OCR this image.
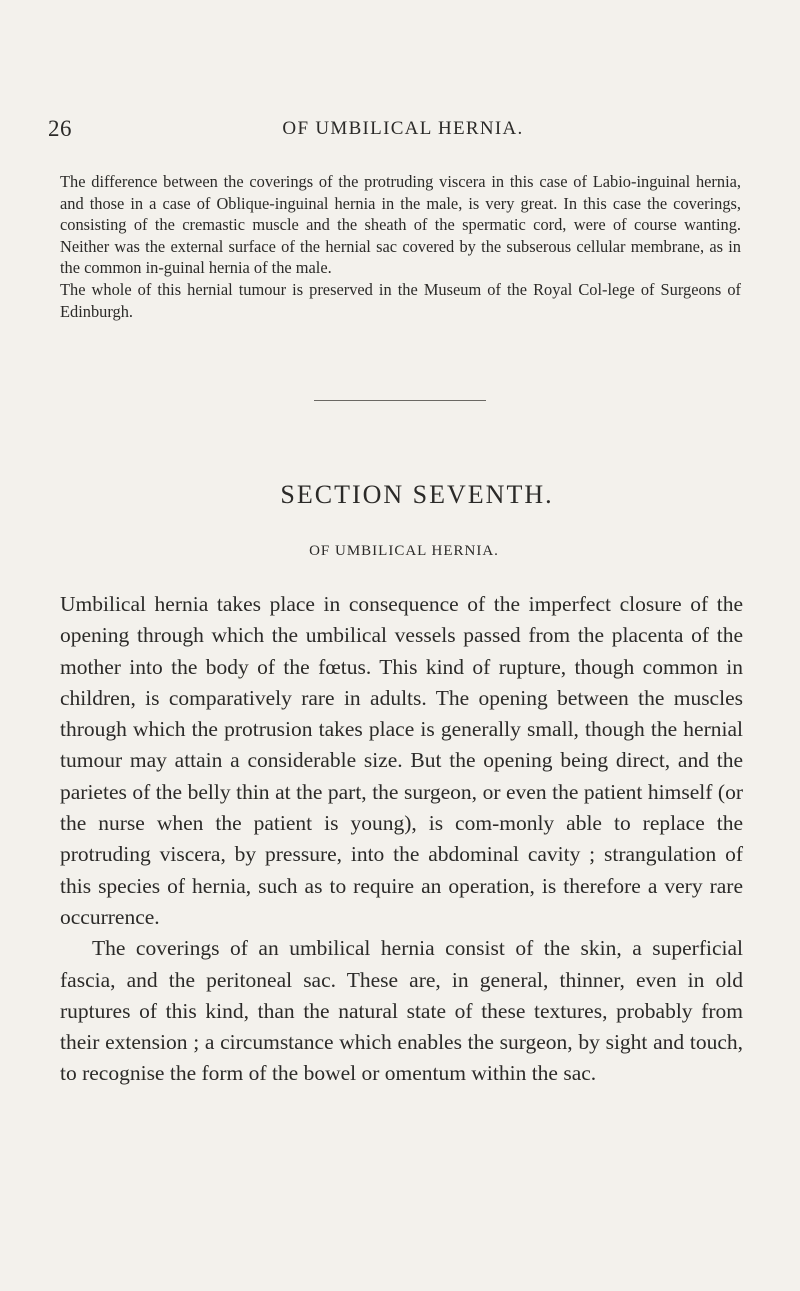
26	OF UMBILICAL HERNIA.

The difference between the coverings of the protruding viscera in this case of Labio-inguinal hernia, and those in a case of Oblique-inguinal hernia in the male, is very great. In this case the coverings, consisting of the cremastic muscle and the sheath of the spermatic cord, were of course wanting. Neither was the external surface of the hernial sac covered by the subserous cellular membrane, as in the common in-guinal hernia of the male.

The whole of this hernial tumour is preserved in the Museum of the Royal Col-lege of Surgeons of Edinburgh.

SECTION SEVENTH.
OF UMBILICAL HERNIA.

Umbilical hernia takes place in consequence of the imperfect closure of the opening through which the umbilical vessels passed from the placenta of the mother into the body of the fœtus. This kind of rupture, though common in children, is comparatively rare in adults. The opening between the muscles through which the protrusion takes place is generally small, though the hernial tumour may attain a considerable size. But the opening being direct, and the parietes of the belly thin at the part, the surgeon, or even the patient himself (or the nurse when the patient is young), is com-monly able to replace the protruding viscera, by pressure, into the abdominal cavity ; strangulation of this species of hernia, such as to require an operation, is therefore a very rare occurrence.

The coverings of an umbilical hernia consist of the skin, a superficial fascia, and the peritoneal sac. These are, in general, thinner, even in old ruptures of this kind, than the natural state of these textures, probably from their extension ; a circumstance which enables the surgeon, by sight and touch, to recognise the form of the bowel or omentum within the sac.
